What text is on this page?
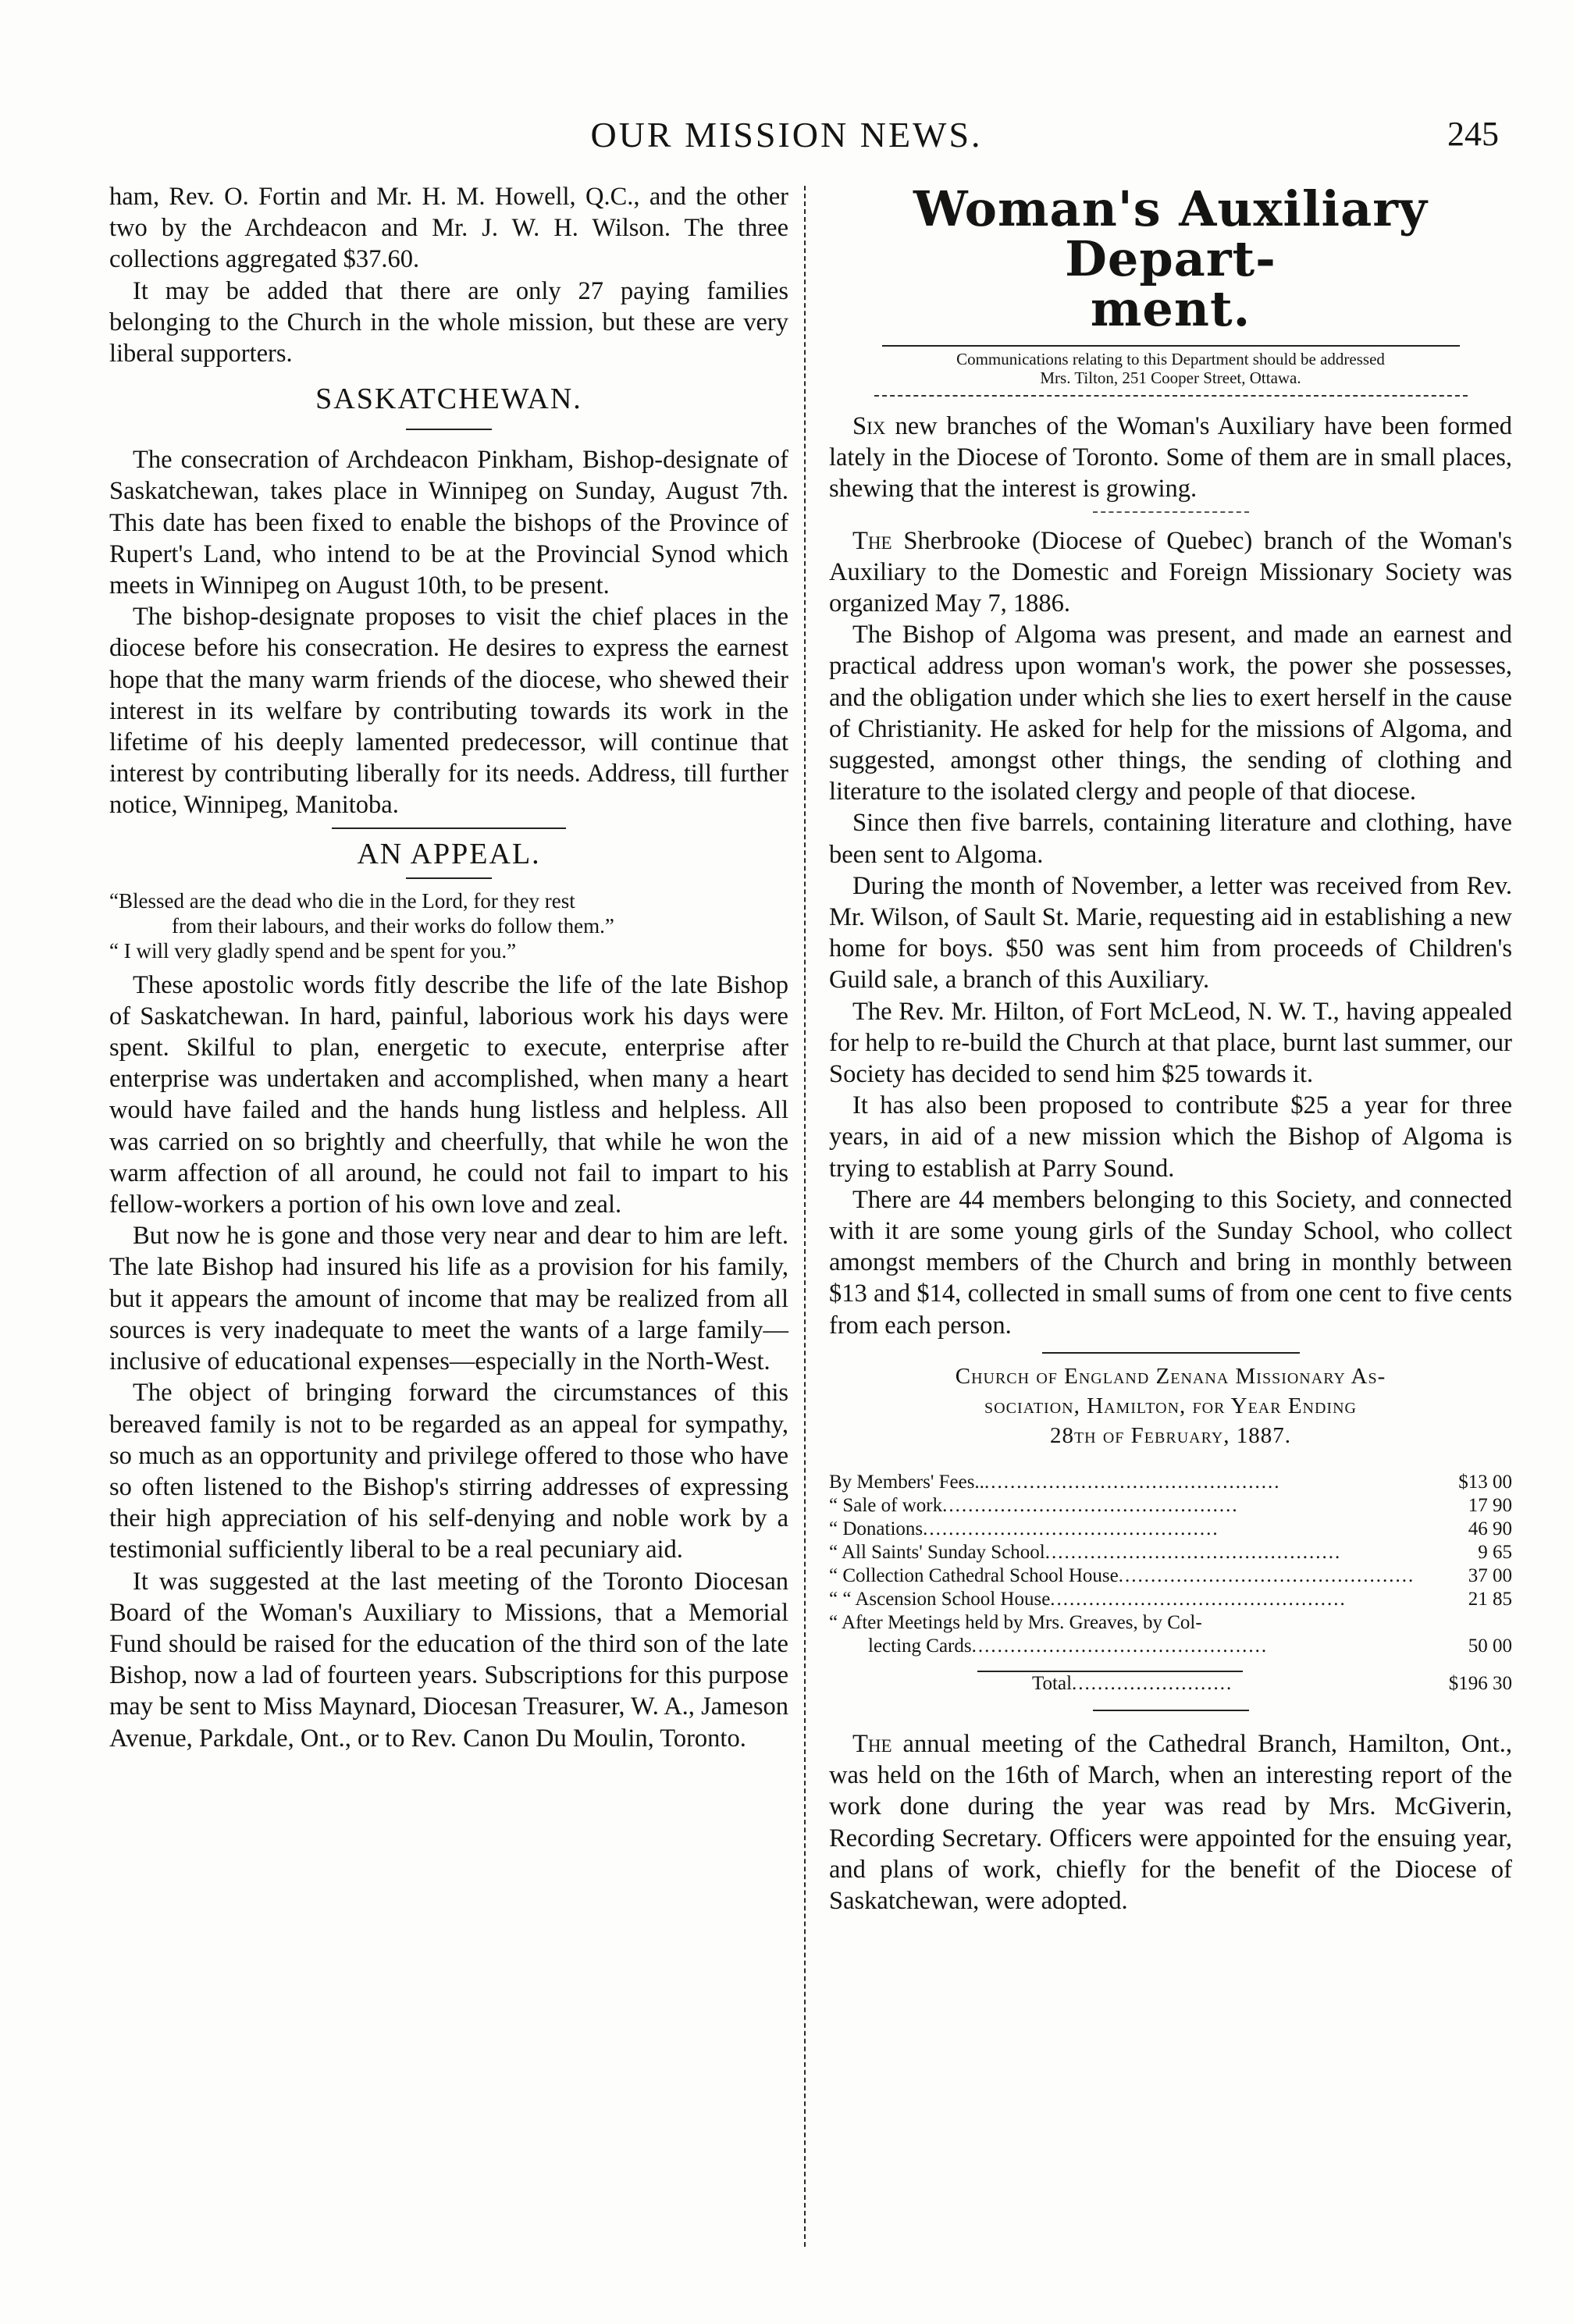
OUR MISSION NEWS.	245

ham, Rev. O. Fortin and Mr. H. M. Howell, Q.C., and the other two by the Archdeacon and Mr. J. W. H. Wilson. The three collections aggregated $37.60.

It may be added that there are only 27 paying families belonging to the Church in the whole mission, but these are very liberal supporters.

SASKATCHEWAN.

The consecration of Archdeacon Pinkham, Bishop-designate of Saskatchewan, takes place in Winnipeg on Sunday, August 7th. This date has been fixed to enable the bishops of the Province of Rupert's Land, who intend to be at the Provincial Synod which meets in Winnipeg on August 10th, to be present.

The bishop-designate proposes to visit the chief places in the diocese before his consecration. He desires to express the earnest hope that the many warm friends of the diocese, who shewed their interest in its welfare by contributing towards its work in the lifetime of his deeply lamented predecessor, will continue that interest by contributing liberally for its needs. Address, till further notice, Winnipeg, Manitoba.

AN APPEAL.

“Blessed are the dead who die in the Lord, for they rest
from their labours, and their works do follow them.”
“ I will very gladly spend and be spent for you.”

These apostolic words fitly describe the life of the late Bishop of Saskatchewan. In hard, painful, laborious work his days were spent. Skilful to plan, energetic to execute, enterprise after enterprise was undertaken and accomplished, when many a heart would have failed and the hands hung listless and helpless. All was carried on so brightly and cheerfully, that while he won the warm affection of all around, he could not fail to impart to his fellow-workers a portion of his own love and zeal.

But now he is gone and those very near and dear to him are left. The late Bishop had insured his life as a provision for his family, but it appears the amount of income that may be realized from all sources is very inadequate to meet the wants of a large family—inclusive of educational expenses—especially in the North-West.

The object of bringing forward the circumstances of this bereaved family is not to be regarded as an appeal for sympathy, so much as an opportunity and privilege offered to those who have so often listened to the Bishop's stirring addresses of expressing their high appreciation of his self-denying and noble work by a testimonial sufficiently liberal to be a real pecuniary aid.

It was suggested at the last meeting of the Toronto Diocesan Board of the Woman's Auxiliary to Missions, that a Memorial Fund should be raised for the education of the third son of the late Bishop, now a lad of fourteen years. Subscriptions for this purpose may be sent to Miss Maynard, Diocesan Treasurer, W. A., Jameson Avenue, Parkdale, Ont., or to Rev. Canon Du Moulin, Toronto.

Woman's Auxiliary Depart-
ment.

Communications relating to this Department should be addressed
Mrs. Tilton, 251 Cooper Street, Ottawa.

Six new branches of the Woman's Auxiliary have been formed lately in the Diocese of Toronto. Some of them are in small places, shewing that the interest is growing.

The Sherbrooke (Diocese of Quebec) branch of the Woman's Auxiliary to the Domestic and Foreign Missionary Society was organized May 7, 1886.

The Bishop of Algoma was present, and made an earnest and practical address upon woman's work, the power she possesses, and the obligation under which she lies to exert herself in the cause of Christianity. He asked for help for the missions of Algoma, and suggested, amongst other things, the sending of clothing and literature to the isolated clergy and people of that diocese.

Since then five barrels, containing literature and clothing, have been sent to Algoma.

During the month of November, a letter was received from Rev. Mr. Wilson, of Sault St. Marie, requesting aid in establishing a new home for boys. $50 was sent him from proceeds of Children's Guild sale, a branch of this Auxiliary.

The Rev. Mr. Hilton, of Fort McLeod, N. W. T., having appealed for help to re-build the Church at that place, burnt last summer, our Society has decided to send him $25 towards it.

It has also been proposed to contribute $25 a year for three years, in aid of a new mission which the Bishop of Algoma is trying to establish at Parry Sound.

There are 44 members belonging to this Society, and connected with it are some young girls of the Sunday School, who collect amongst members of the Church and bring in monthly between $13 and $14, collected in small sums of from one cent to five cents from each person.

Church of England Zenana Missionary As-
sociation, Hamilton, for Year Ending
28th of February, 1887.
By Members' Fees................................................	$13 00
“ Sale of work..............................................	17 90
“ Donations..............................................	46 90
“ All Saints' Sunday School..............................................	9 65
“ Collection Cathedral School House..............................................	37 00
“ “ Ascension School House..............................................	21 85
“ After Meetings held by Mrs. Greaves, by Col-	
lecting Cards..............................................	50 00
Total.........................	$196 30

The annual meeting of the Cathedral Branch, Hamilton, Ont., was held on the 16th of March, when an interesting report of the work done during the year was read by Mrs. McGiverin, Recording Secretary. Officers were appointed for the ensuing year, and plans of work, chiefly for the benefit of the Diocese of Saskatchewan, were adopted.
